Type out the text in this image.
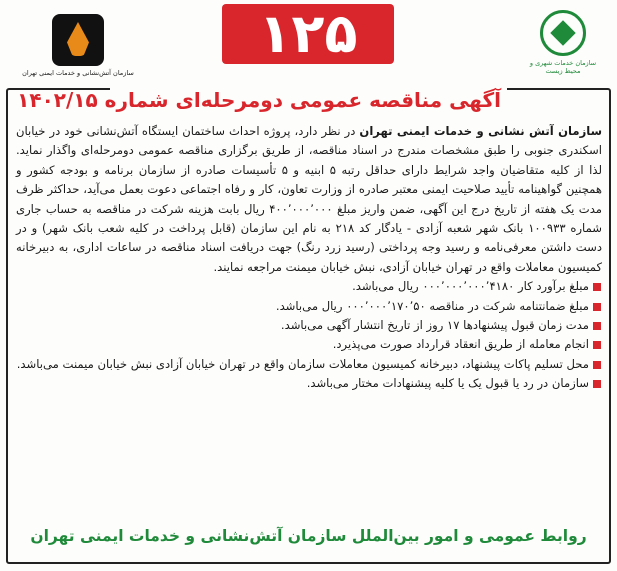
سازمان آتش‌نشانی و خدمات ایمنی تهران
۱۲۵	سازمان خدمات شهری و محیط زیست
آگهی مناقصه عمومی دومرحله‌ای شماره ۱۴۰۲/۱۵

سازمان آتش نشانی و خدمات ایمنی تهران در نظر دارد، پروژه احداث ساختمان ایستگاه آتش‌نشانی خود در خیابان اسکندری جنوبی را طبق مشخصات مندرج در اسناد مناقصه، از طریق برگزاری مناقصه عمومی دومرحله‌ای واگذار نماید. لذا از کلیه متقاضیان واجد شرایط دارای حداقل رتبه ۵ ابنیه و ۵ تأسیسات صادره از سازمان برنامه و بودجه کشور و همچنین گواهینامه تأیید صلاحیت ایمنی معتبر صادره از وزارت تعاون، کار و رفاه اجتماعی دعوت بعمل می‌آید، حداکثر ظرف مدت یک هفته از تاریخ درج این آگهی، ضمن واریز مبلغ ۴۰۰٬۰۰۰٬۰۰۰ ریال بابت هزینه شرکت در مناقصه به حساب جاری شماره ۱۰۰۹۳۳ بانک شهر شعبه آزادی - یادگار کد ۲۱۸ به نام این سازمان (قابل پرداخت در کلیه شعب بانک شهر) و در دست داشتن معرفی‌نامه و رسید وجه پرداختی (رسید زرد رنگ) جهت دریافت اسناد مناقصه در ساعات اداری، به دبیرخانه کمیسیون معاملات واقع در تهران خیابان آزادی، نبش خیابان میمنت مراجعه نمایند.

مبلغ برآورد کار ۰۰۰٬۰۰۰٬۰۰۰٬۴۱۸۰ ریال می‌باشد.
مبلغ ضمانتنامه شرکت در مناقصه ۰۰۰٬۰۰۰٬۱۷۰٬۵۰ ریال می‌باشد.
مدت زمان قبول پیشنهادها ۱۷ روز از تاریخ انتشار آگهی می‌باشد.
انجام معامله از طریق انعقاد قرارداد صورت می‌پذیرد.
محل تسلیم پاکات پیشنهاد، دبیرخانه کمیسیون معاملات سازمان واقع در تهران خیابان آزادی نبش خیابان میمنت می‌باشد.
سازمان در رد یا قبول یک یا کلیه پیشنهادات مختار می‌باشد.
روابط عمومی و امور بین‌الملل سازمان آتش‌نشانی و خدمات ایمنی تهران
